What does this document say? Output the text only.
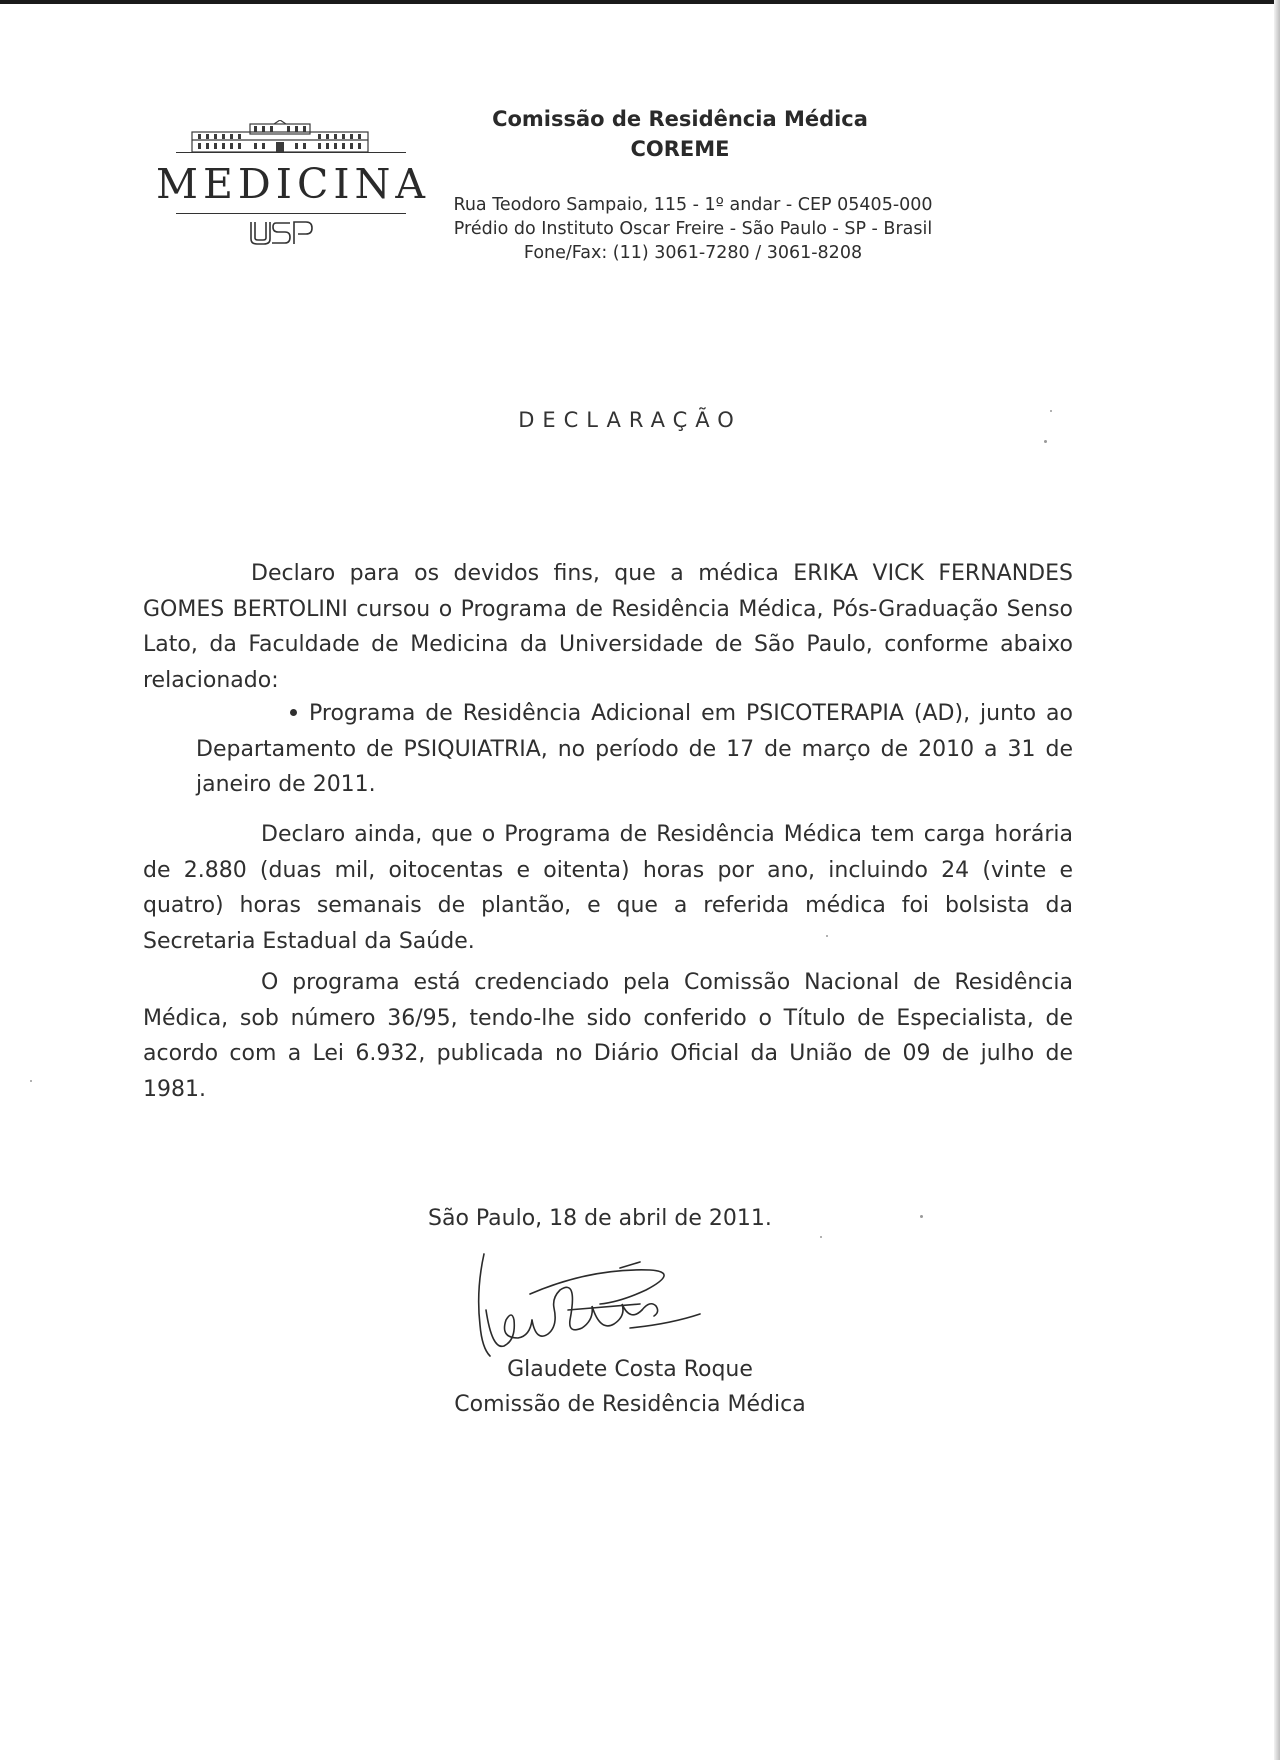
MEDICINA
Comissão de Residência Médica
COREME
Rua Teodoro Sampaio, 115 - 1º andar - CEP 05405-000
Prédio do Instituto Oscar Freire - São Paulo - SP - Brasil
Fone/Fax: (11) 3061-7280 / 3061-8208
DECLARAÇÃO
Declaro para os devidos fins, que a médica ERIKA VICK FERNANDES GOMES BERTOLINI cursou o Programa de Residência Médica, Pós-Graduação Senso Lato, da Faculdade de Medicina da Universidade de São Paulo, conforme abaixo relacionado:
Programa de Residência Adicional em PSICOTERAPIA (AD), junto ao Departamento de PSIQUIATRIA, no período de 17 de março de 2010 a 31 de janeiro de 2011.
Declaro ainda, que o Programa de Residência Médica tem carga horária de 2.880 (duas mil, oitocentas e oitenta) horas por ano, incluindo 24 (vinte e quatro) horas semanais de plantão, e que a referida médica foi bolsista da Secretaria Estadual da Saúde.
O programa está credenciado pela Comissão Nacional de Residência Médica, sob número 36/95, tendo-lhe sido conferido o Título de Especialista, de acordo com a Lei 6.932, publicada no Diário Oficial da União de 09 de julho de 1981.
São Paulo, 18 de abril de 2011.
Glaudete Costa Roque
Comissão de Residência Médica
